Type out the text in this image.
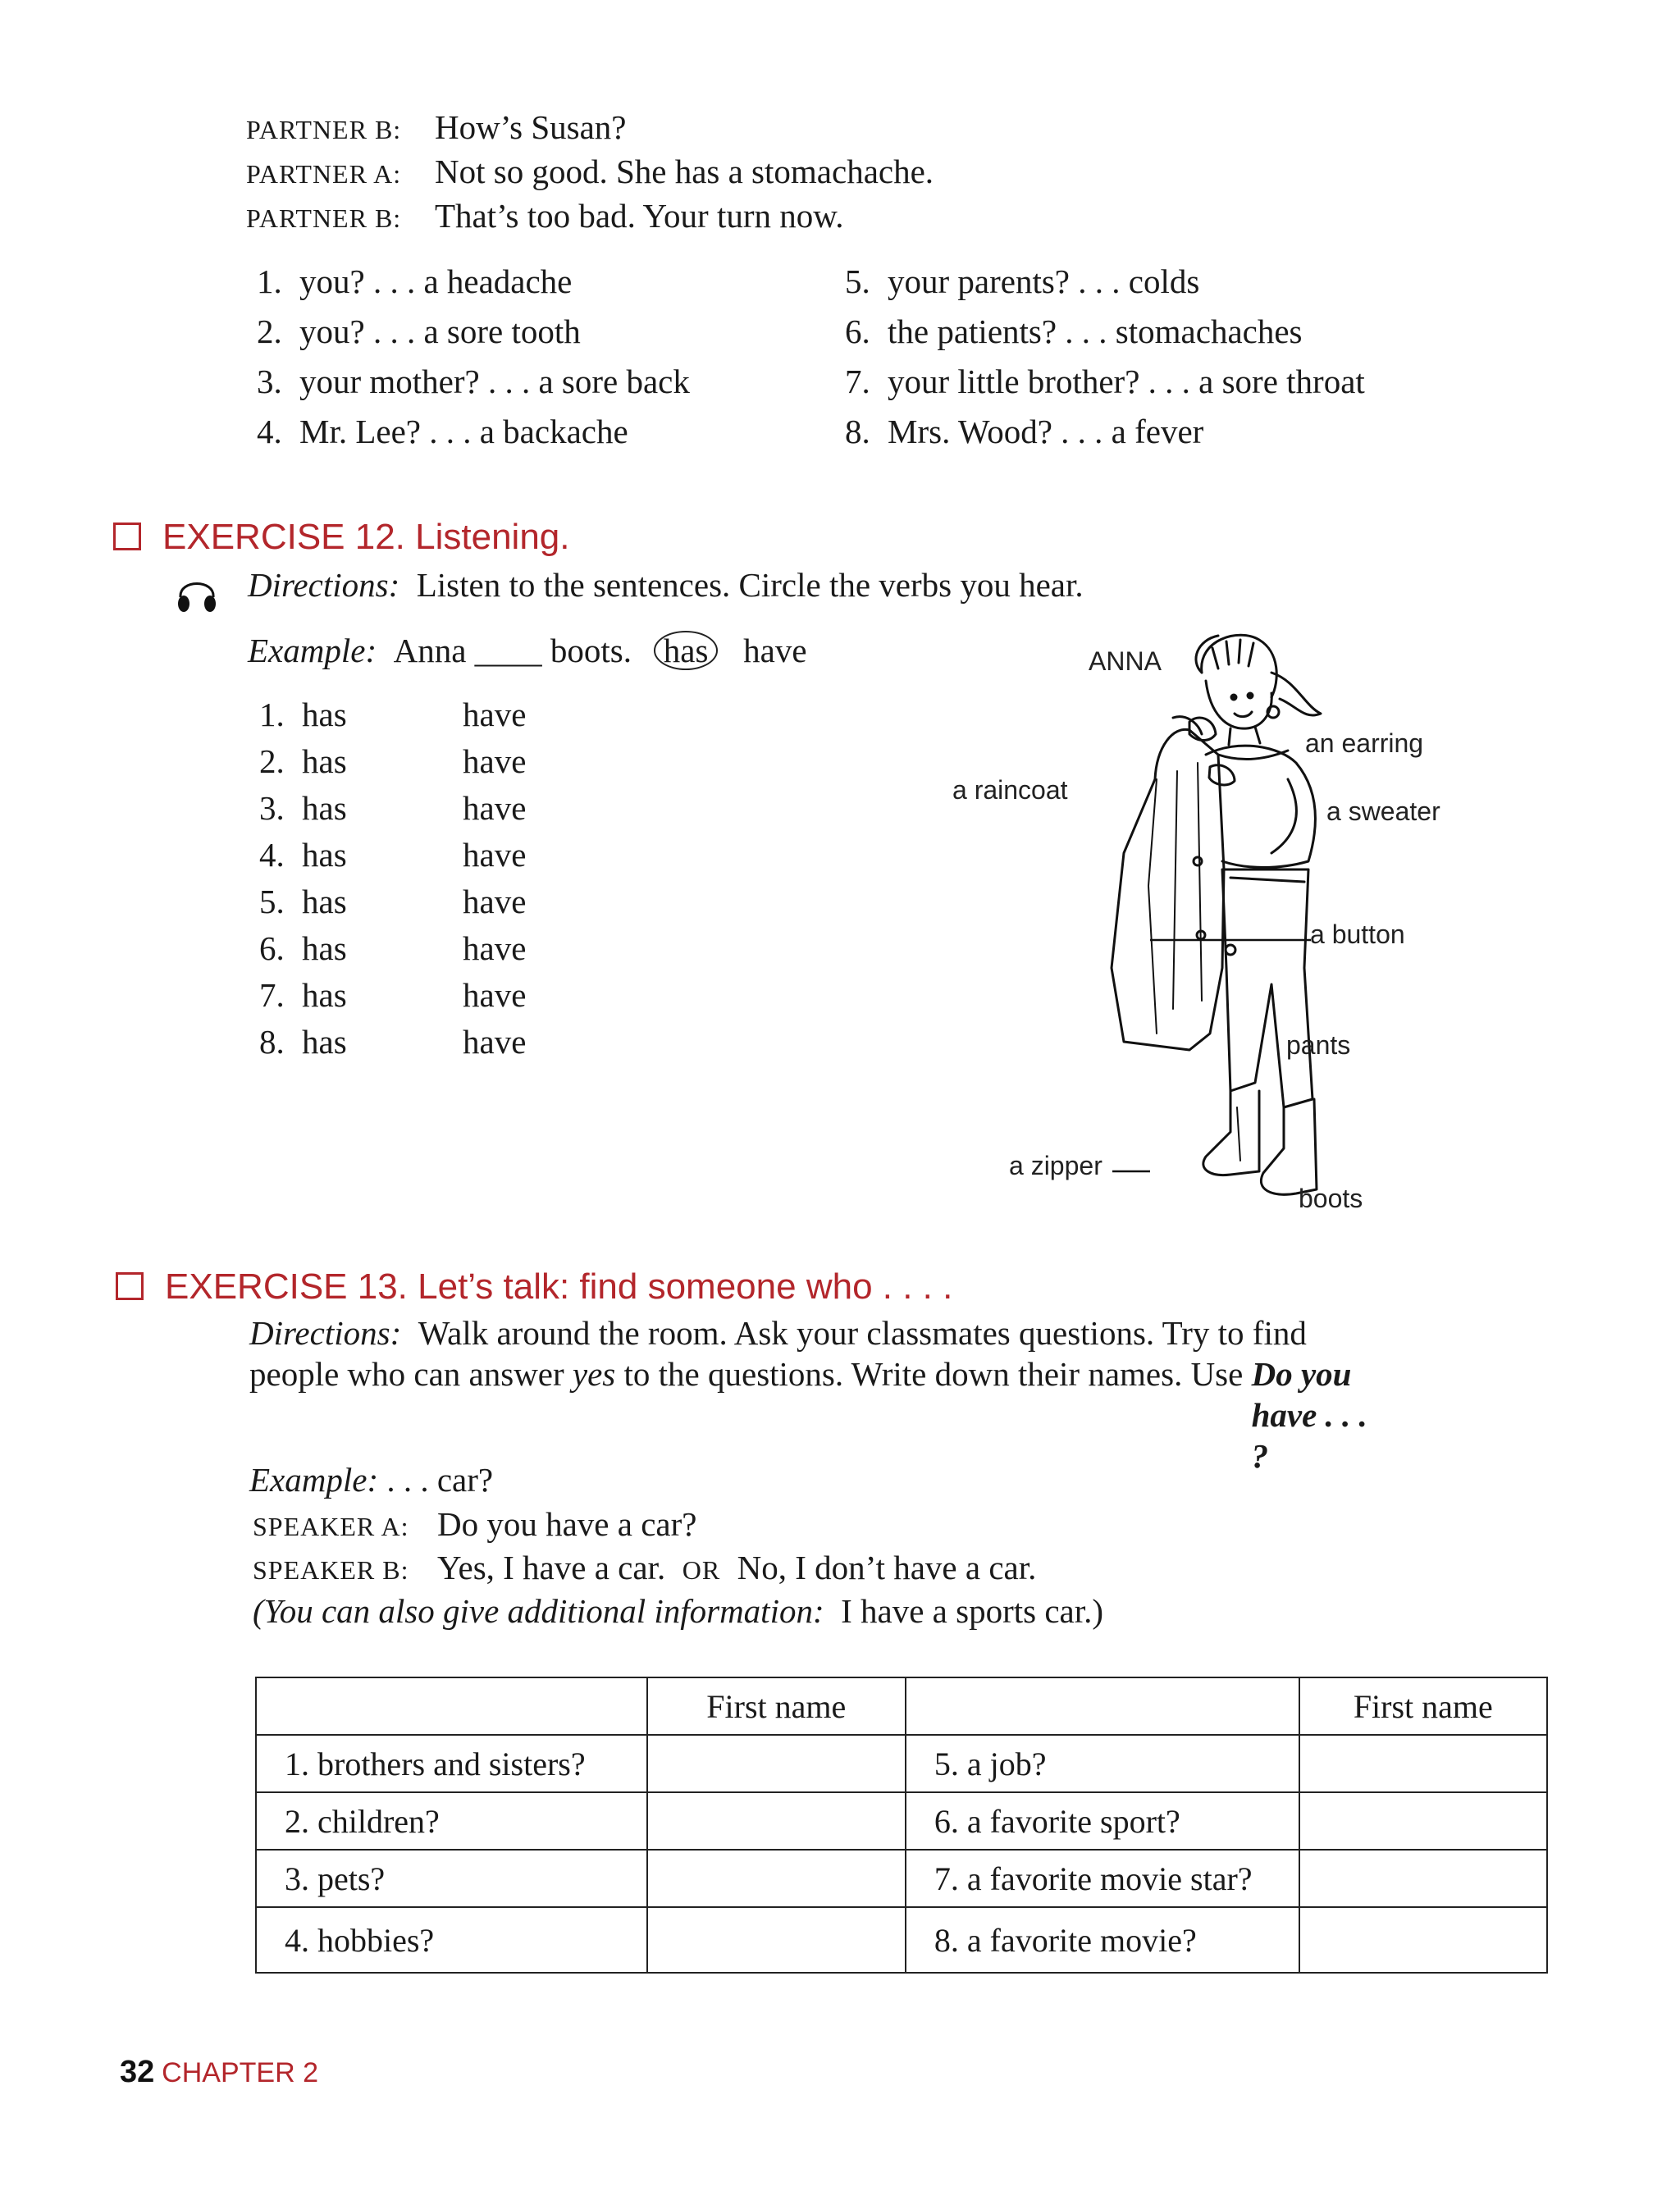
PARTNER B: How’s Susan?
PARTNER A: Not so good. She has a stomachache.
PARTNER B: That’s too bad. Your turn now.
1. you? . . . a headache
2. you? . . . a sore tooth
3. your mother? . . . a sore back
4. Mr. Lee? . . . a backache
5. your parents? . . . colds
6. the patients? . . . stomachaches
7. your little brother? . . . a sore throat
8. Mrs. Wood? . . . a fever
EXERCISE 12. Listening.
Directions: Listen to the sentences. Circle the verbs you hear.
Example: Anna ____ boots. has have
1. has	have
2. has	have
3. has	have
4. has	have
5. has	have
6. has	have
7. has	have
8. has	have
ANNA
an earring
a raincoat
a sweater
a button
pants
a zipper
boots
EXERCISE 13. Let’s talk: find someone who . . . .
Directions: Walk around the room. Ask your classmates questions. Try to find
people who can answer yes to the questions. Write down their names. Use Do you have . . . ?
Example: . . . car?
SPEAKER A: Do you have a car?
SPEAKER B: Yes, I have a car. OR No, I don’t have a car.
(You can also give additional information: I have a sports car.)
	First name		First name
1. brothers and sisters?		5. a job?	
2. children?		6. a favorite sport?	
3. pets?		7. a favorite movie star?	
4. hobbies?		8. a favorite movie?	
32 CHAPTER 2
